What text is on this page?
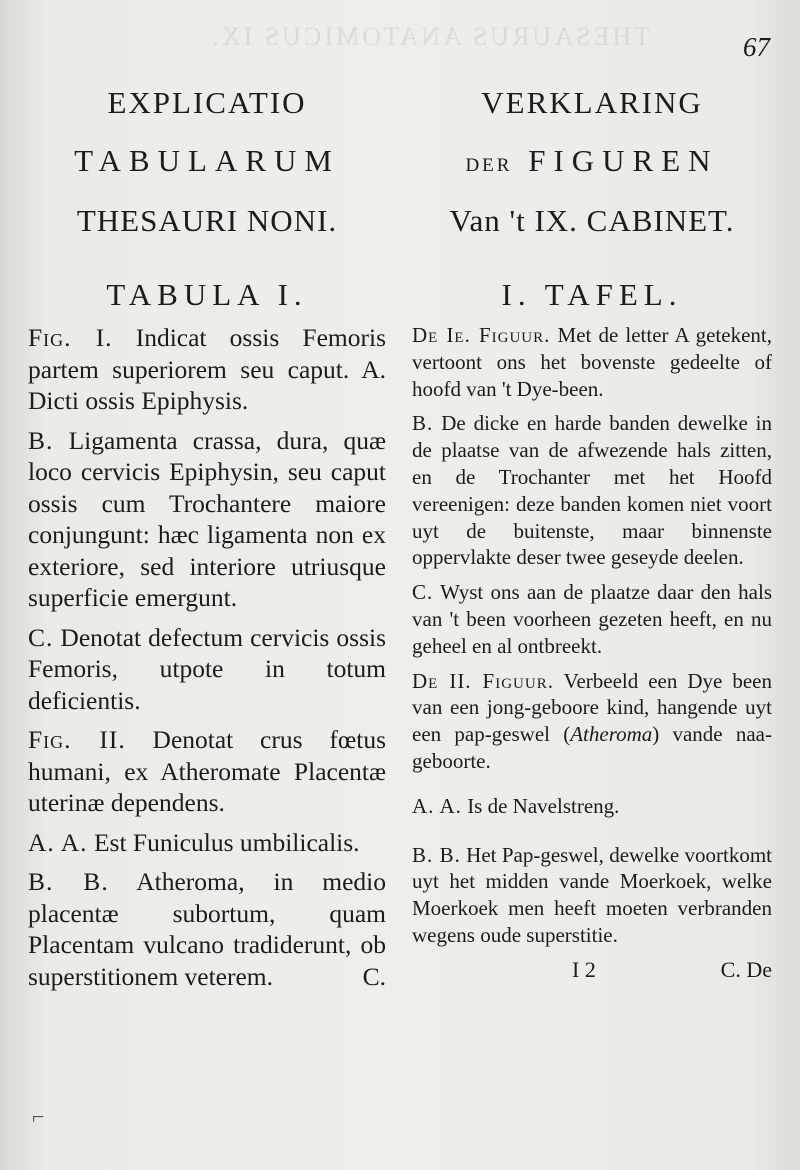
THESAURUS ANATOMICUS IX.	67
EXPLICATIO
TABULARUM
THESAURI NONI.
TABULA I.

Fig. I. Indicat ossis Femoris partem superiorem seu caput. A. Dicti ossis Epiphysis.

B. Ligamenta crassa, dura, quæ loco cervicis Epiphysin, seu caput ossis cum Trochantere maiore conjungunt: hæc ligamenta non ex exteriore, sed interiore utriusque superficie emergunt.

C. Denotat defectum cervicis ossis Femoris, utpote in totum deficientis.

Fig. II. Denotat crus fœtus humani, ex Atheromate Placentæ uterinæ dependens.

A. A. Est Funiculus umbilicalis.

B. B. Atheroma, in medio placentæ subortum, quam Placentam vulcano tradiderunt, ob superstitionem veterem.	C.

VERKLARING
DER FIGUREN
Van 't IX. CABINET.
I. TAFEL.

De Ie. Figuur. Met de letter A getekent, vertoont ons het bovenste gedeelte of hoofd van 't Dye-been.

B. De dicke en harde banden dewelke in de plaatse van de afwezende hals zitten, en de Trochanter met het Hoofd vereenigen: deze banden komen niet voort uyt de buitenste, maar binnenste oppervlakte deser twee geseyde deelen.

C. Wyst ons aan de plaatze daar den hals van 't been voorheen gezeten heeft, en nu geheel en al ontbreekt.

De II. Figuur. Verbeeld een Dye been van een jong-geboore kind, hangende uyt een pap-geswel (Atheroma) vande naa-geboorte.

A. A. Is de Navelstreng.

B. B. Het Pap-geswel, dewelke voortkomt uyt het midden vande Moerkoek, welke Moerkoek men heeft moeten verbranden wegens oude superstitie.

I 2	C. De
⌐
